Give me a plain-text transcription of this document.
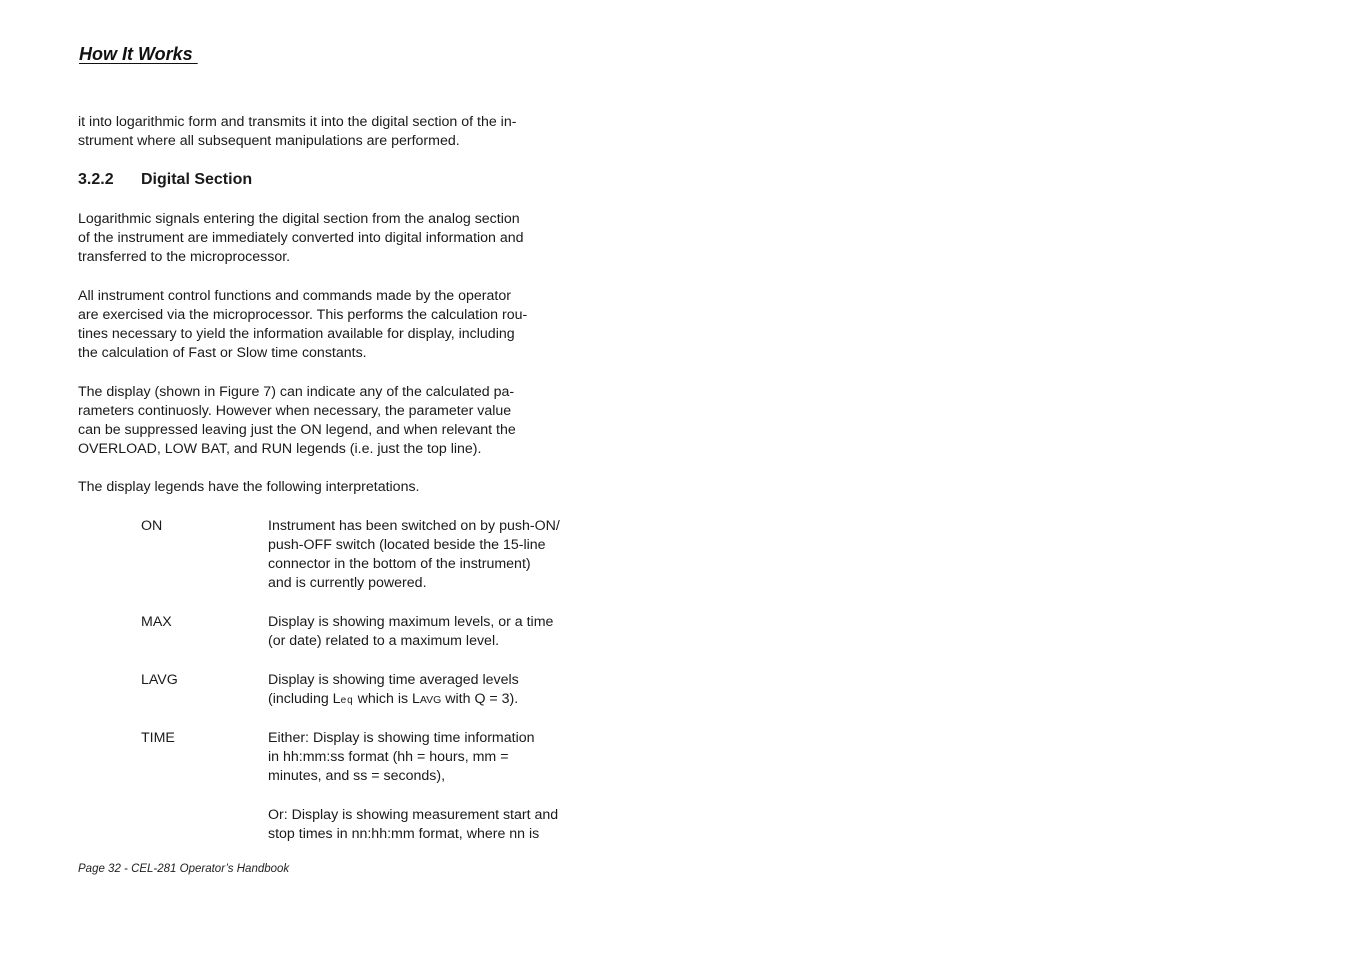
How It Works

it into logarithmic form and transmits it into the digital section of the in-
strument where all subsequent manipulations are performed.

3.2.2 Digital Section

Logarithmic signals entering the digital section from the analog section
of the instrument are immediately converted into digital information and
transferred to the microprocessor.

All instrument control functions and commands made by the operator
are exercised via the microprocessor. This performs the calculation rou-
tines necessary to yield the information available for display, including
the calculation of Fast or Slow time constants.

The display (shown in Figure 7) can indicate any of the calculated pa-
rameters continuosly. However when necessary, the parameter value
can be suppressed leaving just the ON legend, and when relevant the
OVERLOAD, LOW BAT, and RUN legends (i.e. just the top line).

The display legends have the following interpretations.

ON	Instrument has been switched on by push-ON/
push-OFF switch (located beside the 15-line
connector in the bottom of the instrument)
and is currently powered.
MAX	Display is showing maximum levels, or a time
(or date) related to a maximum level.
LAVG	Display is showing time averaged levels
(including Leq which is LAVG with Q = 3).
TIME	Either: Display is showing time information
in hh:mm:ss format (hh = hours, mm =
minutes, and ss = seconds),
Or: Display is showing measurement start and
stop times in nn:hh:mm format, where nn is
Page 32 - CEL-281 Operator’s Handbook
